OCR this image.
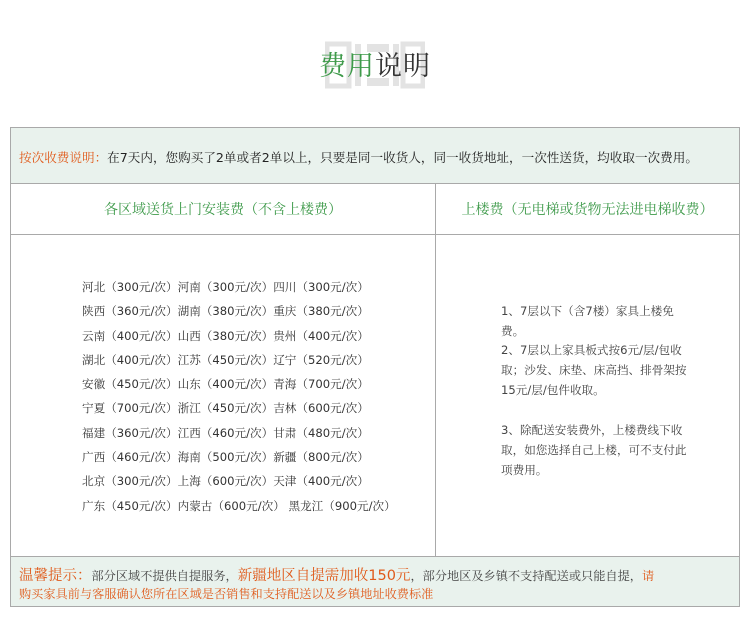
费用说明
按次收费说明：在7天内，您购买了2单或者2单以上，只要是同一收货人，同一收货地址，一次性送货，均收取一次费用。
各区域送货上门安装费（不含上楼费）	上楼费（无电梯或货物无法进电梯收费）
河北（300元/次）河南（300元/次）四川（300元/次）
陕西（360元/次）湖南（380元/次）重庆（380元/次）
云南（400元/次）山西（380元/次）贵州（400元/次）
湖北（400元/次）江苏（450元/次）辽宁（520元/次）
安徽（450元/次）山东（400元/次）青海（700元/次）
宁夏（700元/次）浙江（450元/次）吉林（600元/次）
福建（360元/次）江西（460元/次）甘肃（480元/次）
广西（460元/次）海南（500元/次）新疆（800元/次）
北京（300元/次）上海（600元/次）天津（400元/次）
广东（450元/次）内蒙古（600元/次） 黑龙江（900元/次）
1、7层以下（含7楼）家具上楼免费。
2、7层以上家具板式按6元/层/包收取；沙发、床垫、床高挡、排骨架按15元/层/包件收取。
3、除配送安装费外，上楼费线下收取，如您选择自己上楼，可不支付此项费用。
温馨提示：部分区域不提供自提服务，新疆地区自提需加收150元，部分地区及乡镇不支持配送或只能自提，请
购买家具前与客服确认您所在区域是否销售和支持配送以及乡镇地址收费标准
